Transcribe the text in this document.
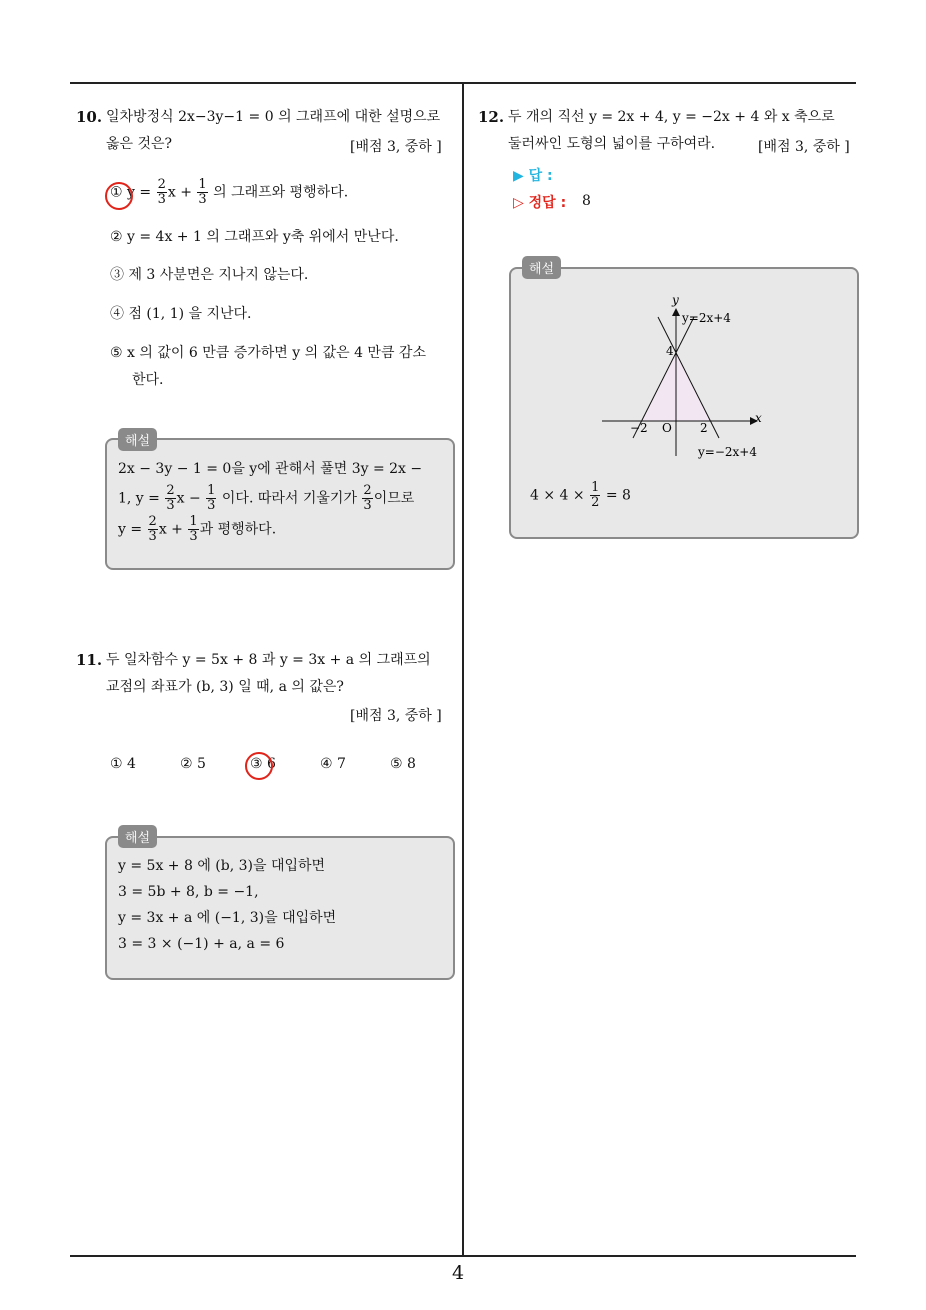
10. 일차방정식 2x−3y−1 = 0 의 그래프에 대한 설명으로
옳은 것은?	[배점 3, 중하 ]
① $y = \frac{2}{3}$ $x + \frac{1}{3}$ 의 그래프와 평행하다.
② y = 4x + 1 의 그래프와 y축 위에서 만난다.
③ 제 3 사분면은 지나지 않는다.
④ 점 (1, 1) 을 지난다.
⑤ x 의 값이 6 만큼 증가하면 y 의 값은 4 만큼 감소
한다.
해설
2x − 3y − 1 = 0을 y에 관해서 풀면 3y = 2x −
1, $y = \frac{2}{3}$ $x - \frac{1}{3}$ 이다. 따라서 기울기가 $\frac{2}{3}$ 이므로
$y = \frac{2}{3}$ $x + \frac{1}{3}$ 과 평행하다.
11. 두 일차함수 y = 5x + 8 과 y = 3x + a 의 그래프의
교점의 좌표가 (b, 3) 일 때, a 의 값은?
[배점 3, 중하 ]
① 4	② 5	③ 6	④ 7	⑤ 8
해설
y = 5x + 8 에 (b, 3)을 대입하면
3 = 5b + 8, b = −1,
y = 3x + a 에 (−1, 3)을 대입하면
3 = 3 × (−1) + a, a = 6
12. 두 개의 직선 y = 2x + 4, y = −2x + 4 와 x 축으로
둘러싸인 도형의 넓이를 구하여라.	[배점 3, 중하 ]
▶ 답 :
▷ 정답 : 8
해설
y
x
y=2x+4
y=−2x+4
4
−2 O 2
$4 \times 4 \times \frac{1}{2} = 8$
4
